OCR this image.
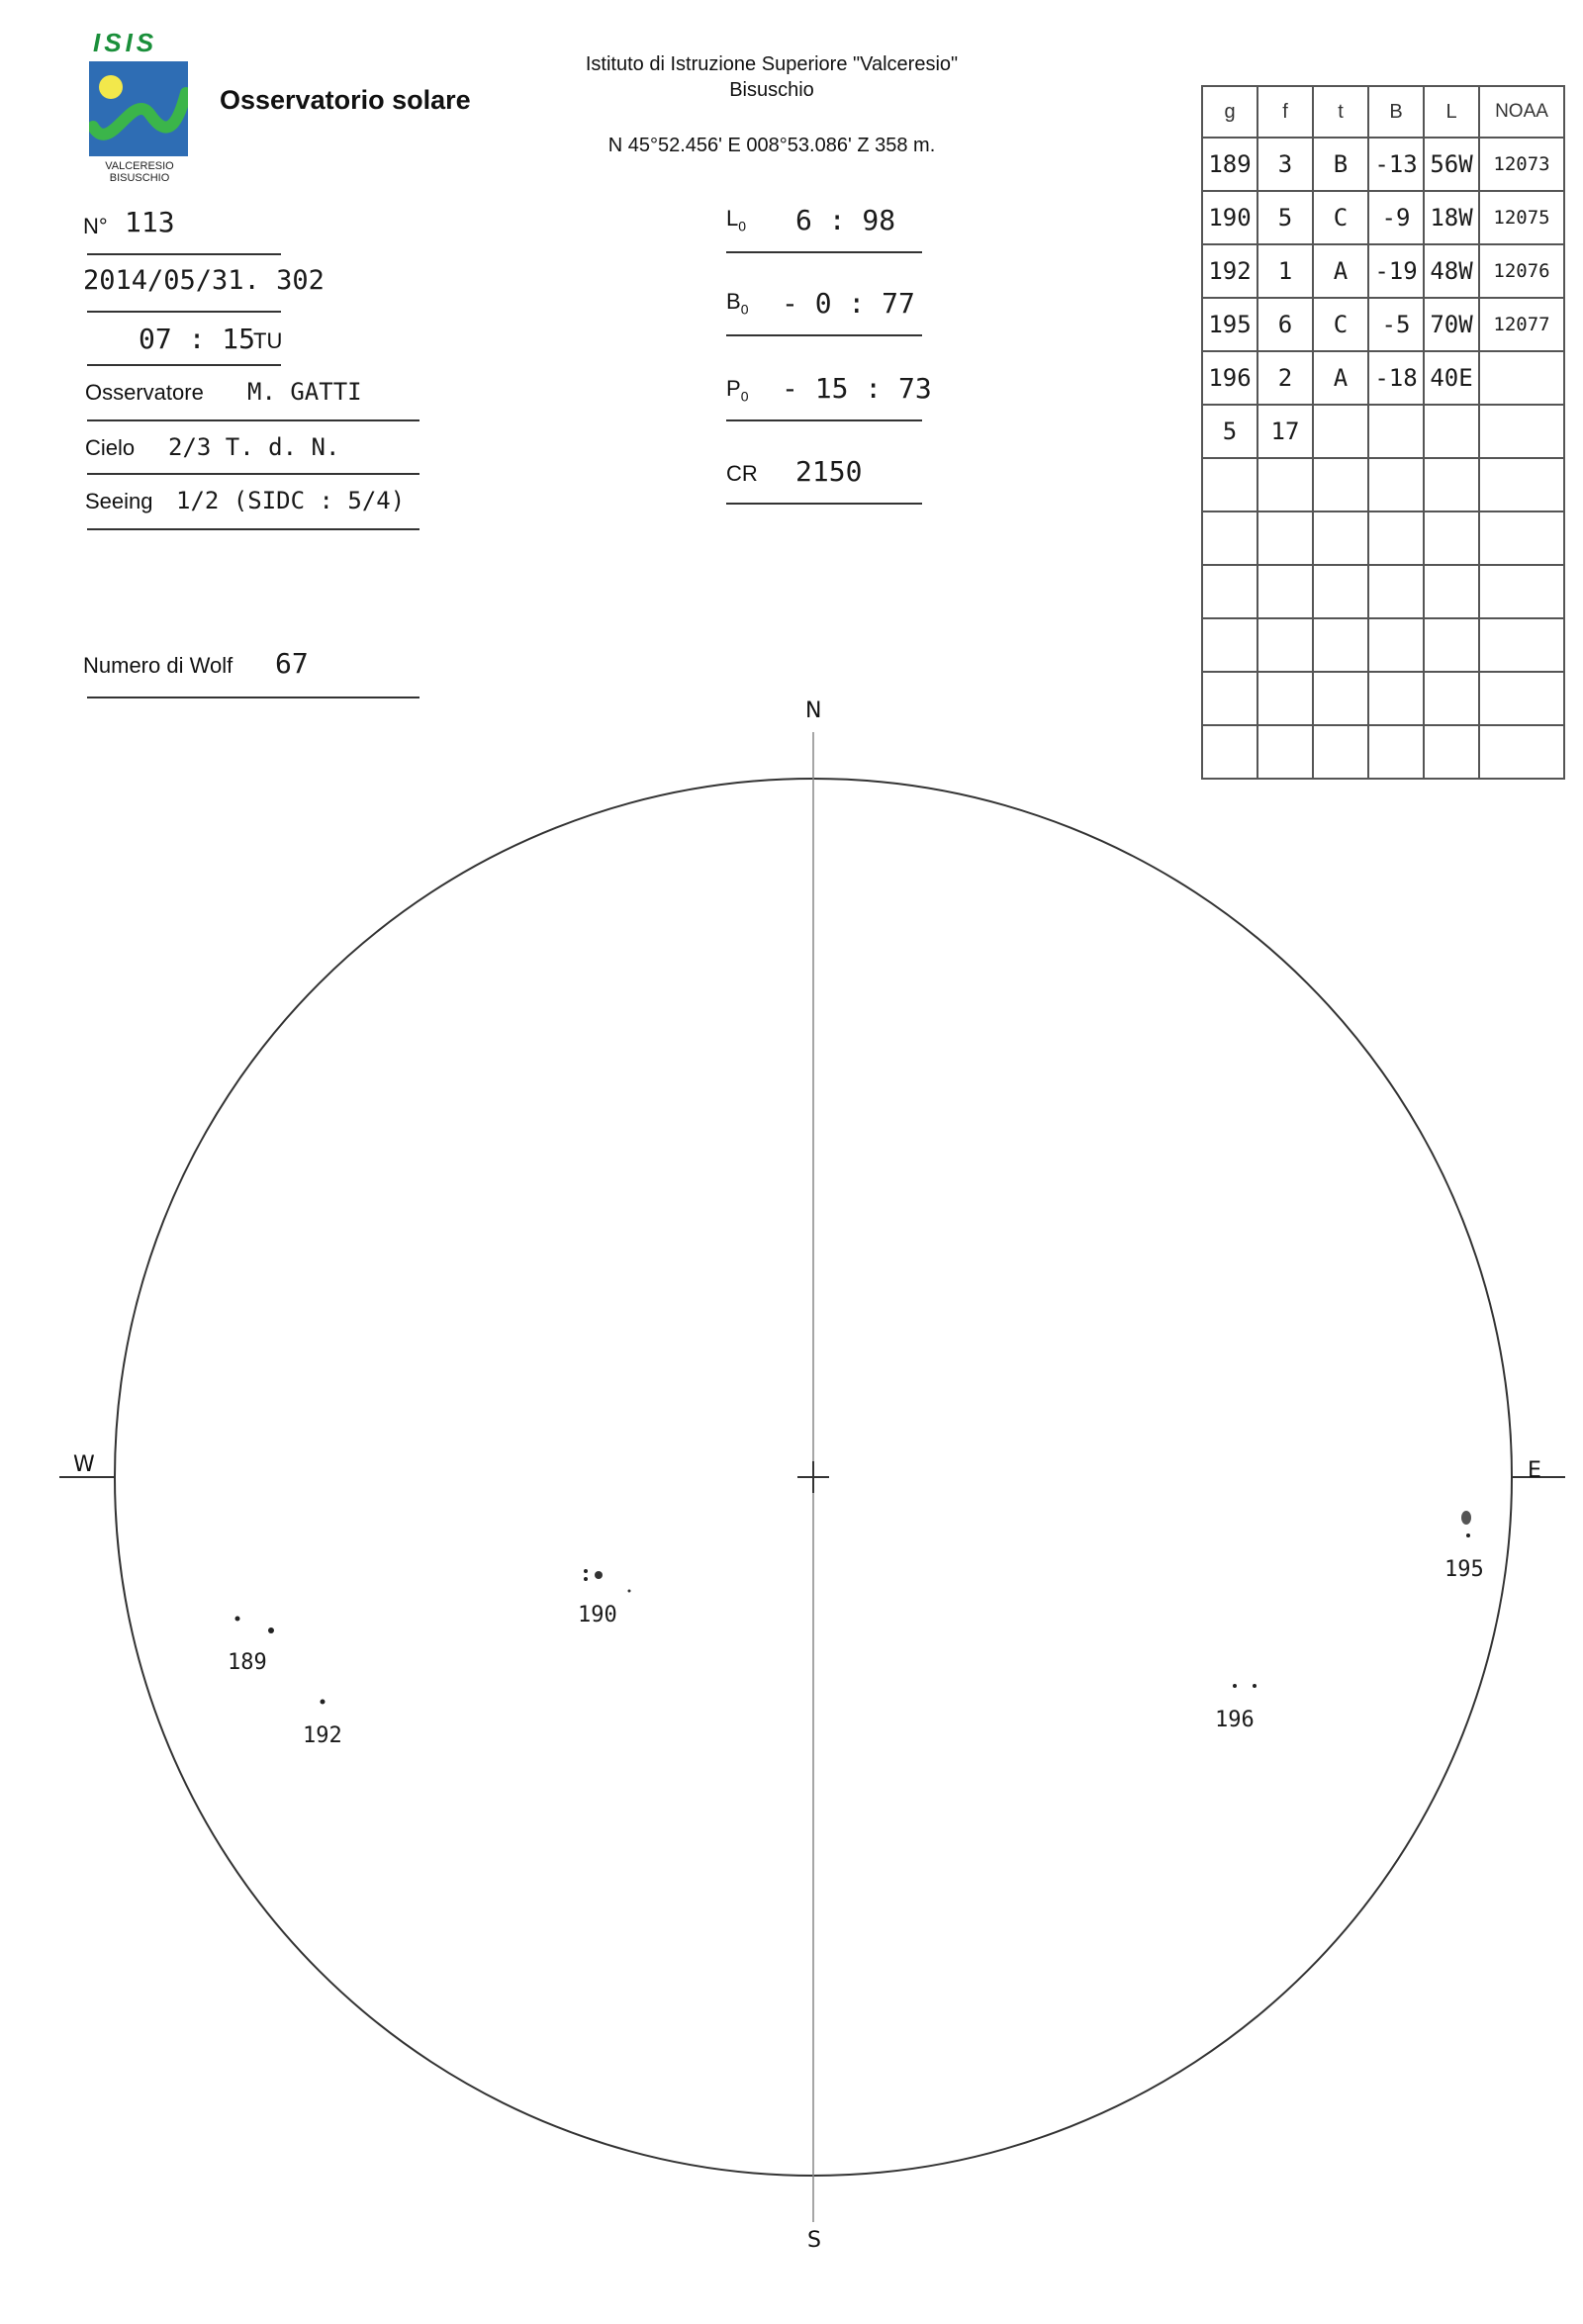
ISIS
VALCERESIO
BISUSCHIO
Osservatorio solare
Istituto di Istruzione Superiore "Valceresio"
Bisuschio
N 45°52.456' E 008°53.086' Z 358 m.
N° 113
2014/05/31. 302
07 : 15
TU
Osservatore M. GATTI
Cielo 2/3 T. d. N.
Seeing 1/2 (SIDC : 5/4)
Numero di Wolf 67
$L_0$ 6 : 98
$B_0 - 0$ : 77
$P_0 - 15$ : 73
CR 2150
g	f	t	B	L	NOAA
189	3	B	-13	56W	12073
190	5	C	-9	18W	12075
192	1	A	-19	48W	12076
195	6	C	-5	70W	12077
196	2	A	-18	40E	
5	17				

N
S
W	E
189
190
192
195
196
